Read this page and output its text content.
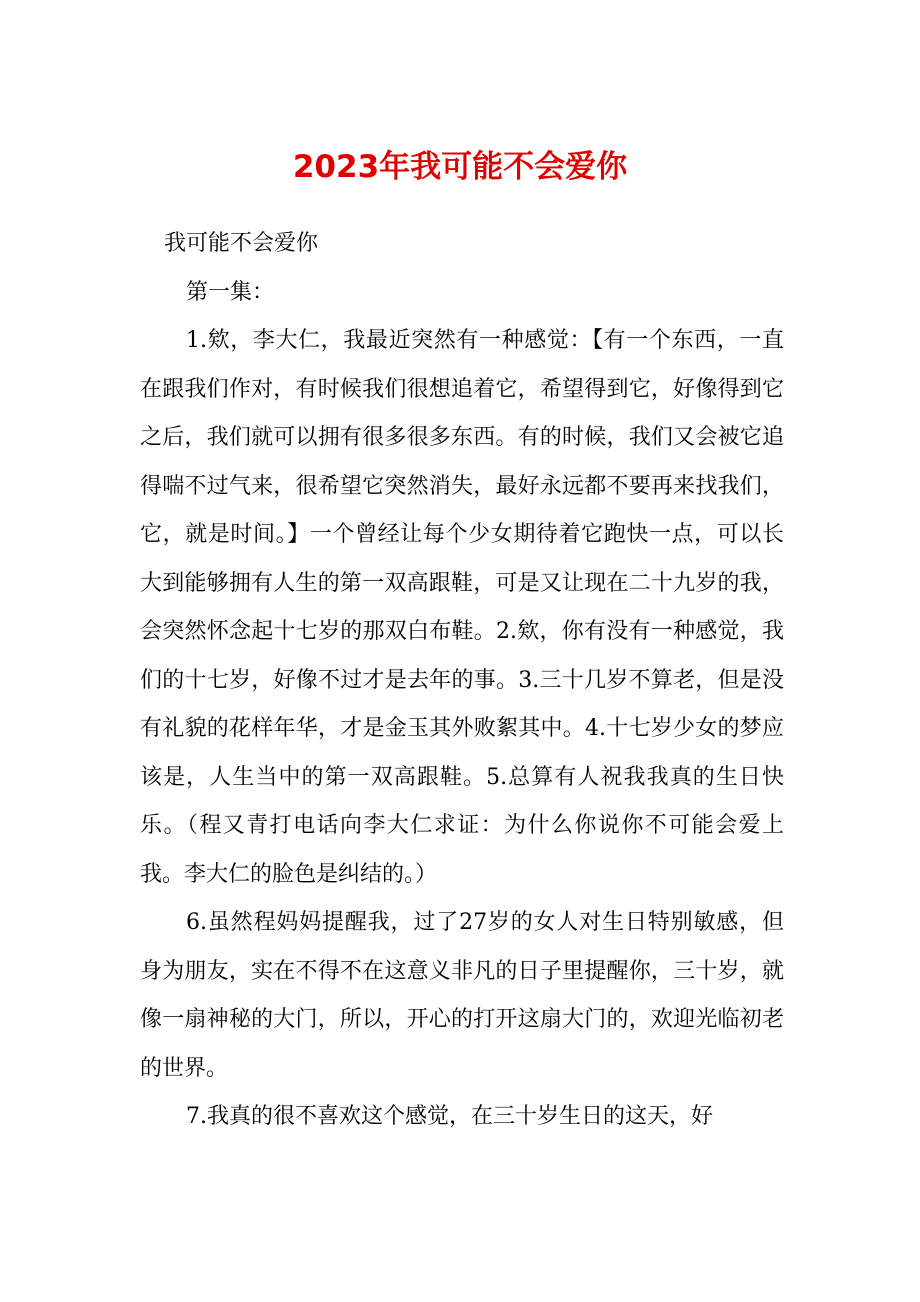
2023年我可能不会爱你

我可能不会爱你

第一集：

1.欸，李大仁，我最近突然有一种感觉：【有一个东西，一直在跟我们作对，有时候我们很想追着它，希望得到它，好像得到它之后，我们就可以拥有很多很多东西。有的时候，我们又会被它追得喘不过气来，很希望它突然消失，最好永远都不要再来找我们，它，就是时间。】一个曾经让每个少女期待着它跑快一点，可以长大到能够拥有人生的第一双高跟鞋，可是又让现在二十九岁的我，会突然怀念起十七岁的那双白布鞋。2.欸，你有没有一种感觉，我们的十七岁，好像不过才是去年的事。3.三十几岁不算老，但是没有礼貌的花样年华，才是金玉其外败絮其中。4.十七岁少女的梦应该是，人生当中的第一双高跟鞋。5.总算有人祝我我真的生日快乐。（程又青打电话向李大仁求证：为什么你说你不可能会爱上我。李大仁的脸色是纠结的。）

6.虽然程妈妈提醒我，过了27岁的女人对生日特别敏感，但身为朋友，实在不得不在这意义非凡的日子里提醒你，三十岁，就像一扇神秘的大门，所以，开心的打开这扇大门的，欢迎光临初老的世界。

7.我真的很不喜欢这个感觉，在三十岁生日的这天，好
